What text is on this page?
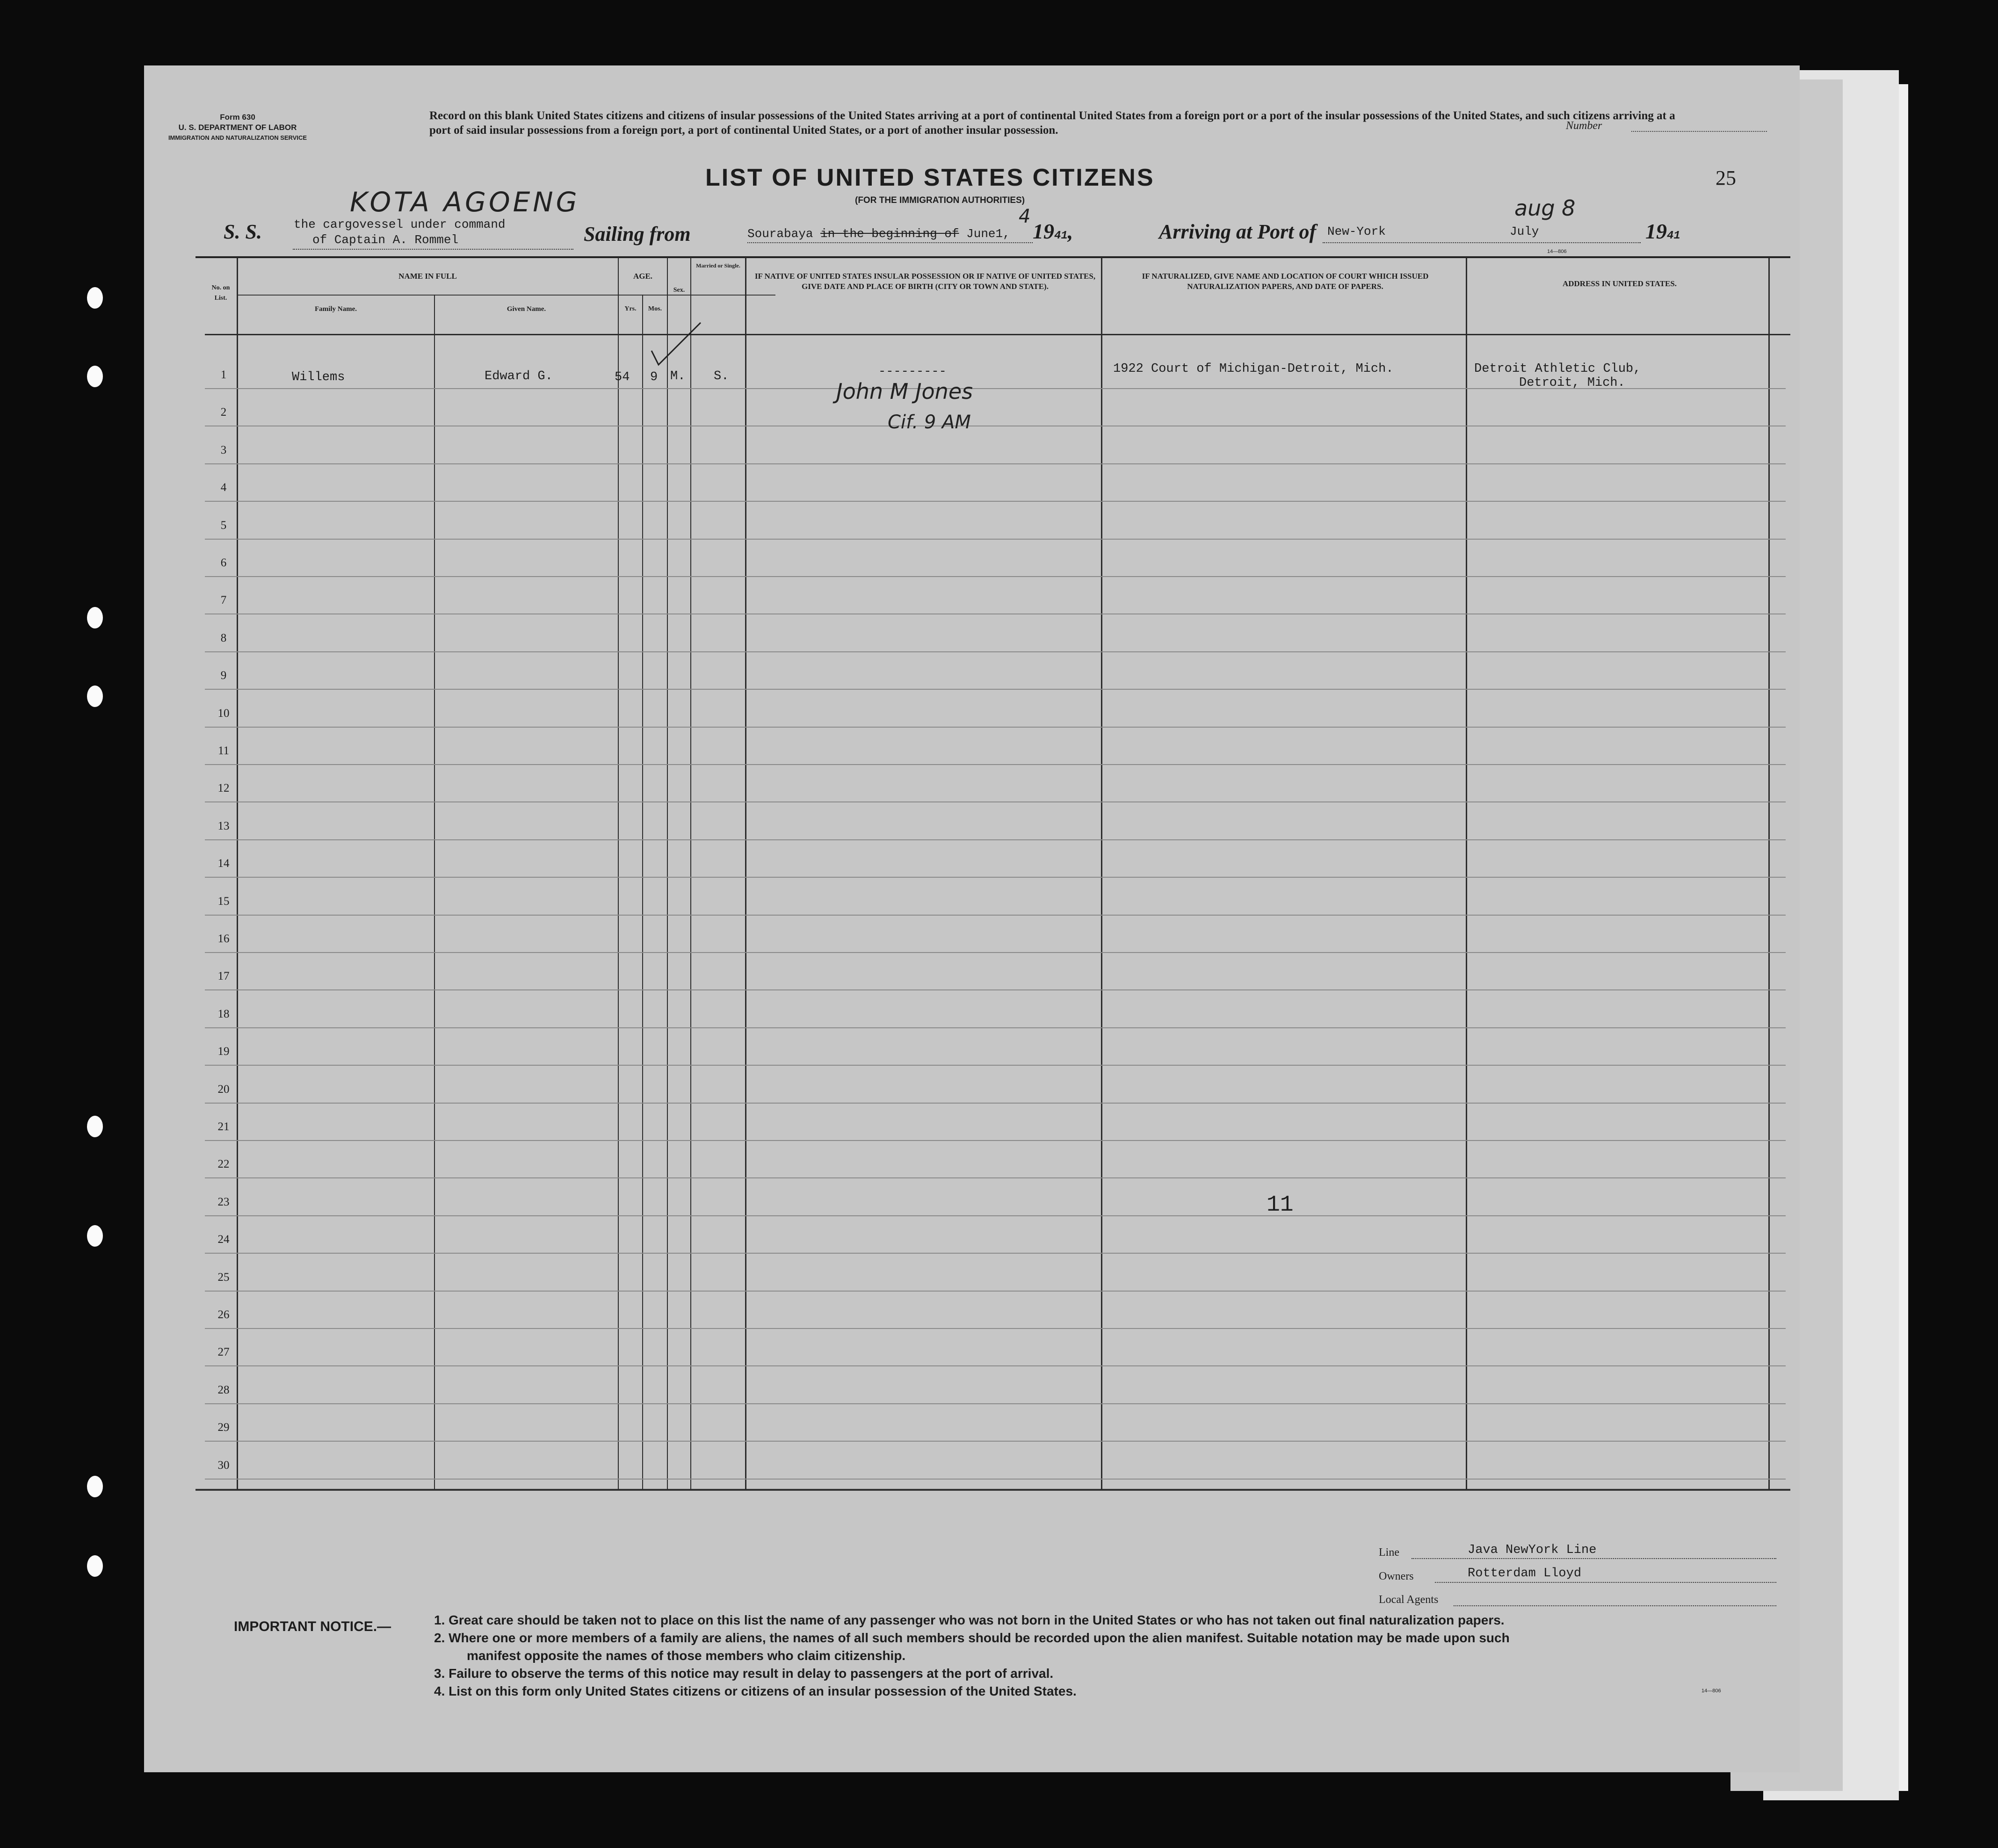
Form 630
U. S. DEPARTMENT OF LABOR
IMMIGRATION AND NATURALIZATION SERVICE
Record on this blank United States citizens and citizens of insular possessions of the United States arriving at a port of continental United States from a foreign port or a port of the insular possessions of the United States, and such citizens arriving at a port of said insular possessions from a foreign port, a port of continental United States, or a port of another insular possession.	Number
LIST OF UNITED STATES CITIZENS
(FOR THE IMMIGRATION AUTHORITIES)
25
KOTA AGOENG
S. S.	the cargovessel under command
of Captain A. Rommel	Sailing from	Sourabaya in the beginning of June1,
4
1941,	Arriving at Port of New-York	July
aug 8
1941
14—806
No. on List.
NAME IN FULL
Family Name.	Given Name.
AGE.
Yrs.	Mos.
Sex.
Married or Single.
IF NATIVE OF UNITED STATES INSULAR POSSESSION OR IF NATIVE OF UNITED STATES, GIVE DATE AND PLACE OF BIRTH (CITY OR TOWN AND STATE).
IF NATURALIZED, GIVE NAME AND LOCATION OF COURT WHICH ISSUED NATURALIZATION PAPERS, AND DATE OF PAPERS.	ADDRESS IN UNITED STATES.
1
2
3
4
5
6
7
8
9
10
11
12
13
14
15
16
17
18
19
20
21
22
23
24
25
26
27
28
29
30
Willems	Edward G.	54 9 M. S.	---------	1922 Court of Michigan-Detroit, Mich.	Detroit Athletic Club,
Detroit, Mich.
John M Jones
Cif. 9 AM
11
Line	Java NewYork Line
Owners	Rotterdam Lloyd
Local Agents
IMPORTANT NOTICE.—	1. Great care should be taken not to place on this list the name of any passenger who was not born in the United States or who has not taken out final naturalization papers.
2. Where one or more members of a family are aliens, the names of all such members should be recorded upon the alien manifest. Suitable notation may be made upon such
manifest opposite the names of those members who claim citizenship.
3. Failure to observe the terms of this notice may result in delay to passengers at the port of arrival.
4. List on this form only United States citizens or citizens of an insular possession of the United States.	14—806
